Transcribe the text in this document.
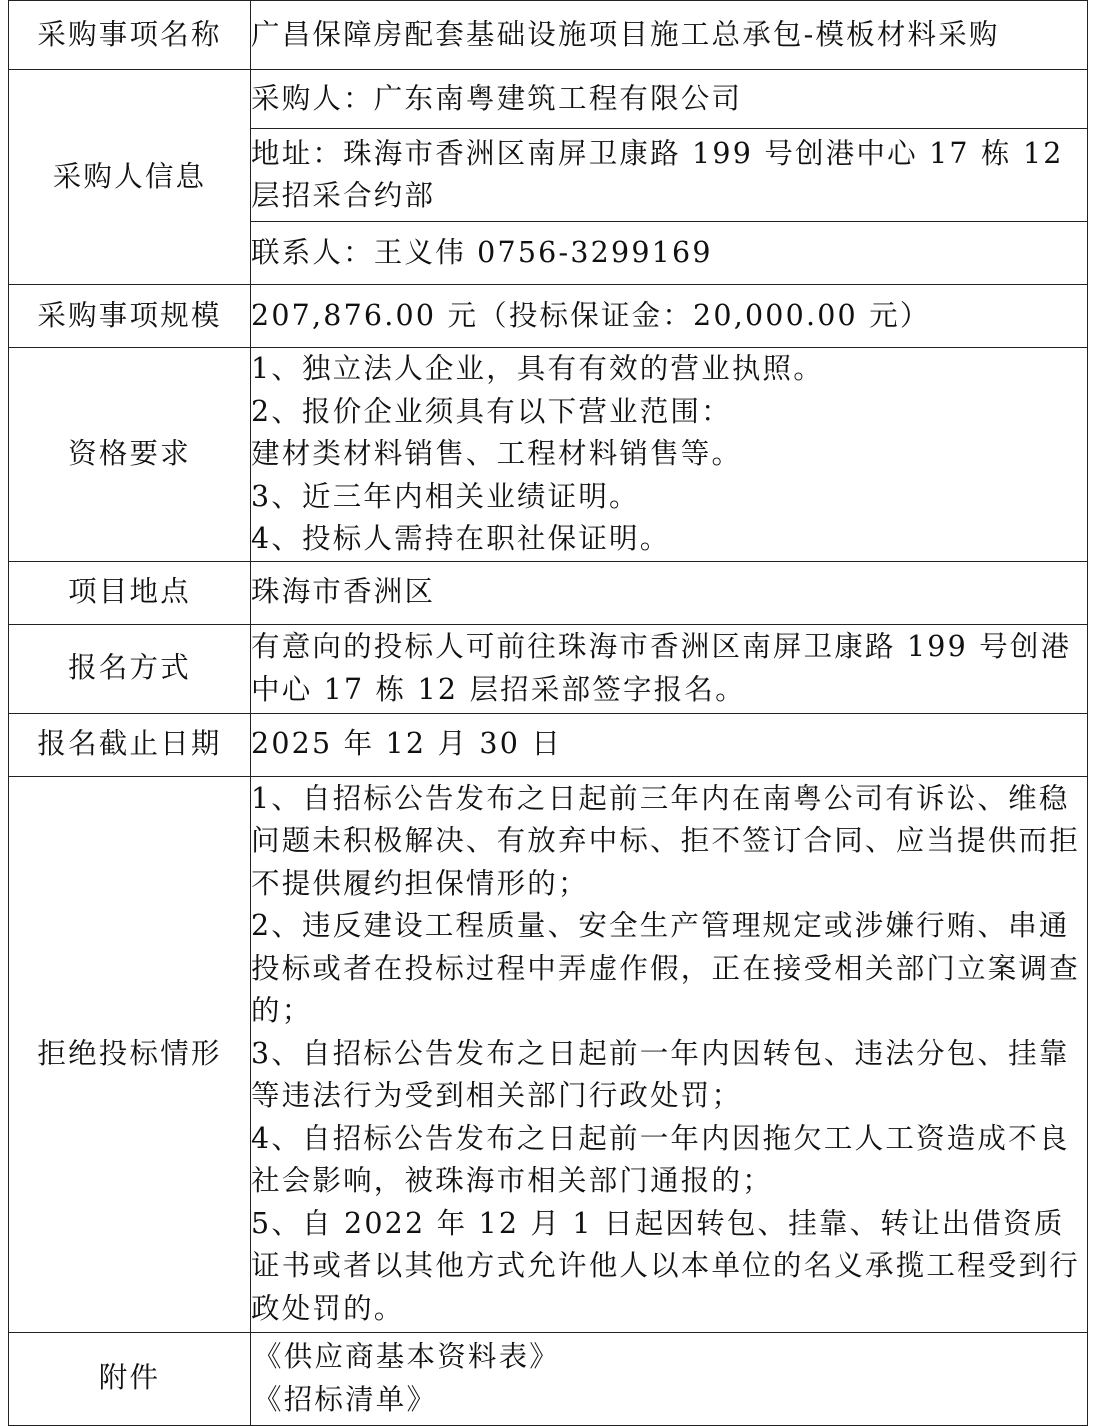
采购事项名称	广昌保障房配套基础设施项目施工总承包-模板材料采购
采购人信息	采购人：广东南粤建筑工程有限公司
	地址：珠海市香洲区南屏卫康路 199 号创港中心 17 栋 12 层招采合约部
	联系人：王义伟 0756-3299169
采购事项规模	207,876.00 元（投标保证金：20,000.00 元）
资格要求	1、独立法人企业，具有有效的营业执照。
2、报价企业须具有以下营业范围：
建材类材料销售、工程材料销售等。
3、近三年内相关业绩证明。
4、投标人需持在职社保证明。

项目地点	珠海市香洲区
报名方式	有意向的投标人可前往珠海市香洲区南屏卫康路 199 号创港中心 17 栋 12 层招采部签字报名。
报名截止日期	2025 年 12 月 30 日
拒绝投标情形	1、自招标公告发布之日起前三年内在南粤公司有诉讼、维稳问题未积极解决、有放弃中标、拒不签订合同、应当提供而拒不提供履约担保情形的；
2、违反建设工程质量、安全生产管理规定或涉嫌行贿、串通投标或者在投标过程中弄虚作假，正在接受相关部门立案调查的；
3、自招标公告发布之日起前一年内因转包、违法分包、挂靠等违法行为受到相关部门行政处罚；
4、自招标公告发布之日起前一年内因拖欠工人工资造成不良社会影响，被珠海市相关部门通报的；
5、自 2022 年 12 月 1 日起因转包、挂靠、转让出借资质证书或者以其他方式允许他人以本单位的名义承揽工程受到行政处罚的。

附件	《供应商基本资料表》
《招标清单》
